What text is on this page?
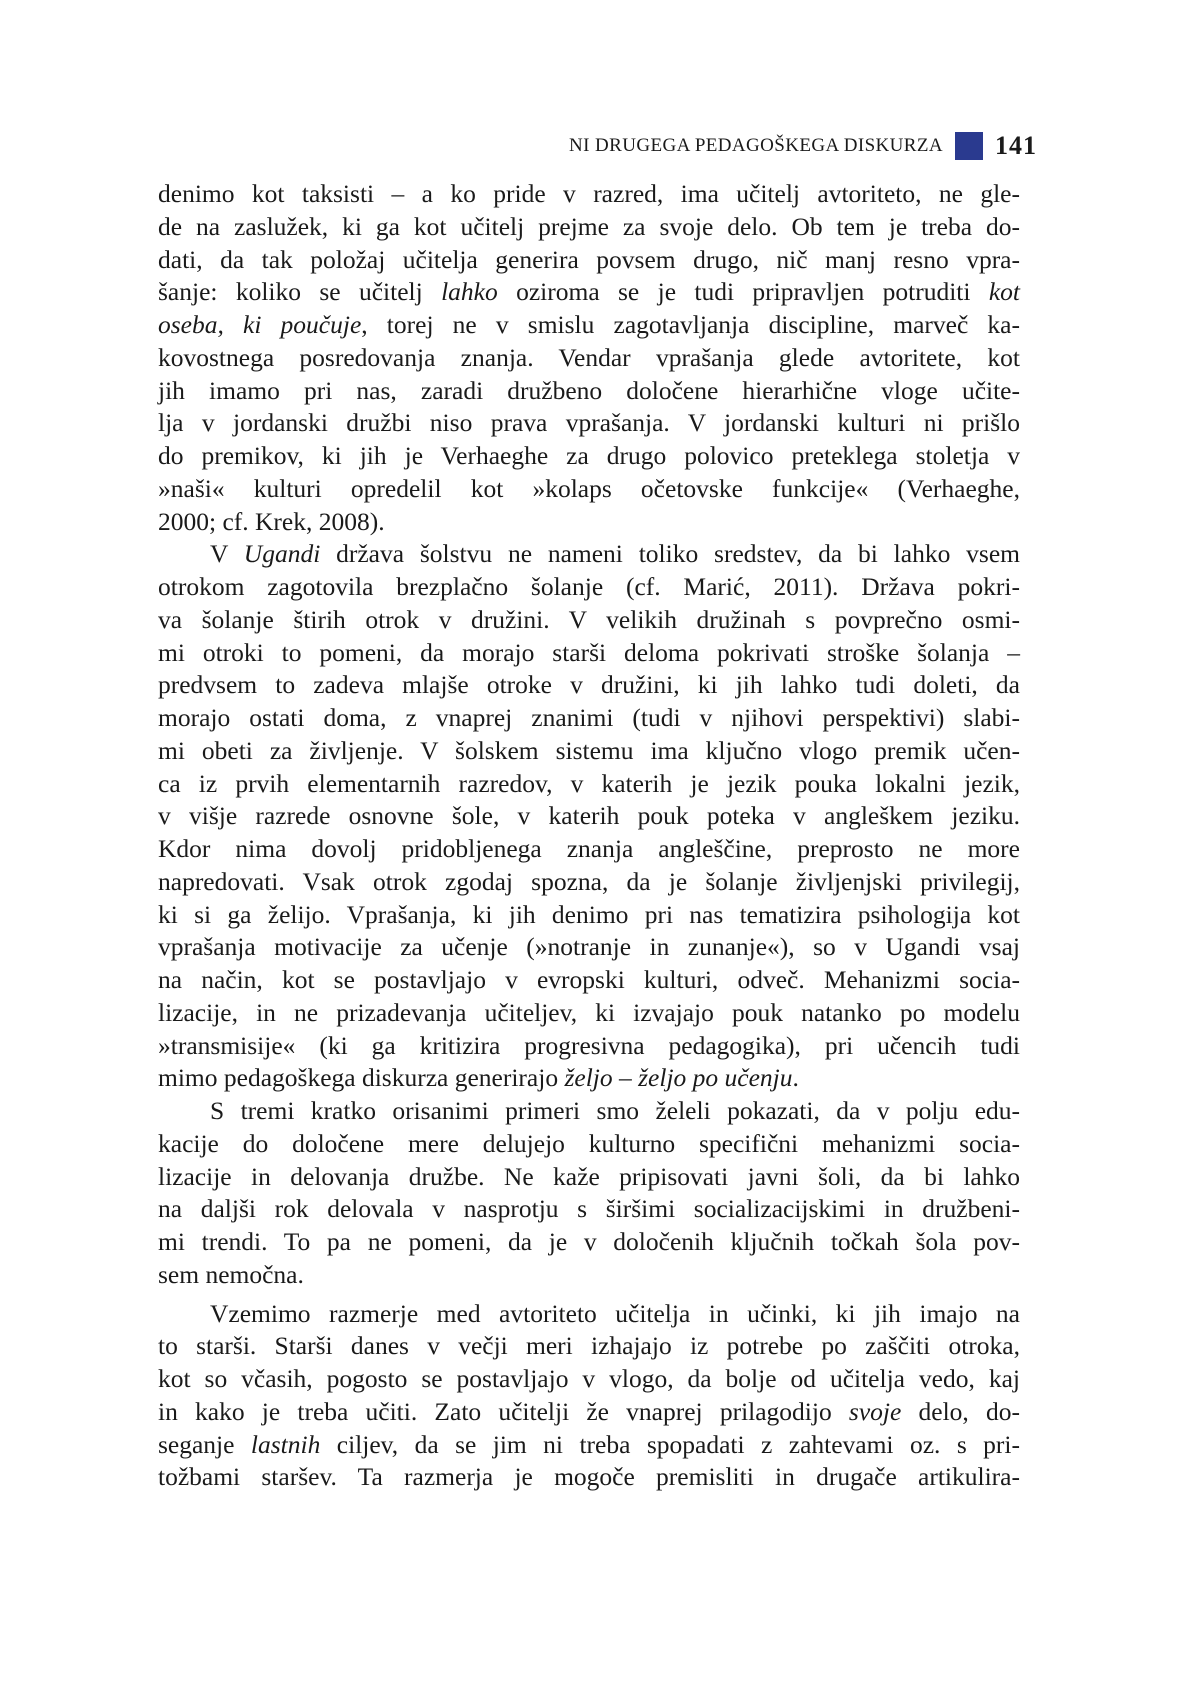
NI DRUGEGA PEDAGOŠKEGA DISKURZA 141
denimo kot taksisti – a ko pride v razred, ima učitelj avtoriteto, ne gle-
de na zaslužek, ki ga kot učitelj prejme za svoje delo. Ob tem je treba do-
dati, da tak položaj učitelja generira povsem drugo, nič manj resno vpra-
šanje: koliko se učitelj lahko oziroma se je tudi pripravljen potruditi kot
oseba, ki poučuje, torej ne v smislu zagotavljanja discipline, marveč ka-
kovostnega posredovanja znanja. Vendar vprašanja glede avtoritete, kot
jih imamo pri nas, zaradi družbeno določene hierarhične vloge učite-
lja v jordanski družbi niso prava vprašanja. V jordanski kulturi ni prišlo
do premikov, ki jih je Verhaeghe za drugo polovico preteklega stoletja v
»naši« kulturi opredelil kot »kolaps očetovske funkcije« (Verhaeghe,
2000; cf. Krek, 2008).
V Ugandi država šolstvu ne nameni toliko sredstev, da bi lahko vsem
otrokom zagotovila brezplačno šolanje (cf. Marić, 2011). Država pokri-
va šolanje štirih otrok v družini. V velikih družinah s povprečno osmi-
mi otroki to pomeni, da morajo starši deloma pokrivati stroške šolanja –
predvsem to zadeva mlajše otroke v družini, ki jih lahko tudi doleti, da
morajo ostati doma, z vnaprej znanimi (tudi v njihovi perspektivi) slabi-
mi obeti za življenje. V šolskem sistemu ima ključno vlogo premik učen-
ca iz prvih elementarnih razredov, v katerih je jezik pouka lokalni jezik,
v višje razrede osnovne šole, v katerih pouk poteka v angleškem jeziku.
Kdor nima dovolj pridobljenega znanja angleščine, preprosto ne more
napredovati. Vsak otrok zgodaj spozna, da je šolanje življenjski privilegij,
ki si ga želijo. Vprašanja, ki jih denimo pri nas tematizira psihologija kot
vprašanja motivacije za učenje (»notranje in zunanje«), so v Ugandi vsaj
na način, kot se postavljajo v evropski kulturi, odveč. Mehanizmi socia-
lizacije, in ne prizadevanja učiteljev, ki izvajajo pouk natanko po modelu
»transmisije« (ki ga kritizira progresivna pedagogika), pri učencih tudi
mimo pedagoškega diskurza generirajo željo – željo po učenju.
S tremi kratko orisanimi primeri smo želeli pokazati, da v polju edu-
kacije do določene mere delujejo kulturno specifični mehanizmi socia-
lizacije in delovanja družbe. Ne kaže pripisovati javni šoli, da bi lahko
na daljši rok delovala v nasprotju s širšimi socializacijskimi in družbeni-
mi trendi. To pa ne pomeni, da je v določenih ključnih točkah šola pov-
sem nemočna.
Vzemimo razmerje med avtoriteto učitelja in učinki, ki jih imajo na
to starši. Starši danes v večji meri izhajajo iz potrebe po zaščiti otroka,
kot so včasih, pogosto se postavljajo v vlogo, da bolje od učitelja vedo, kaj
in kako je treba učiti. Zato učitelji že vnaprej prilagodijo svoje delo, do-
seganje lastnih ciljev, da se jim ni treba spopadati z zahtevami oz. s pri-
tožbami staršev. Ta razmerja je mogoče premisliti in drugače artikulira-
